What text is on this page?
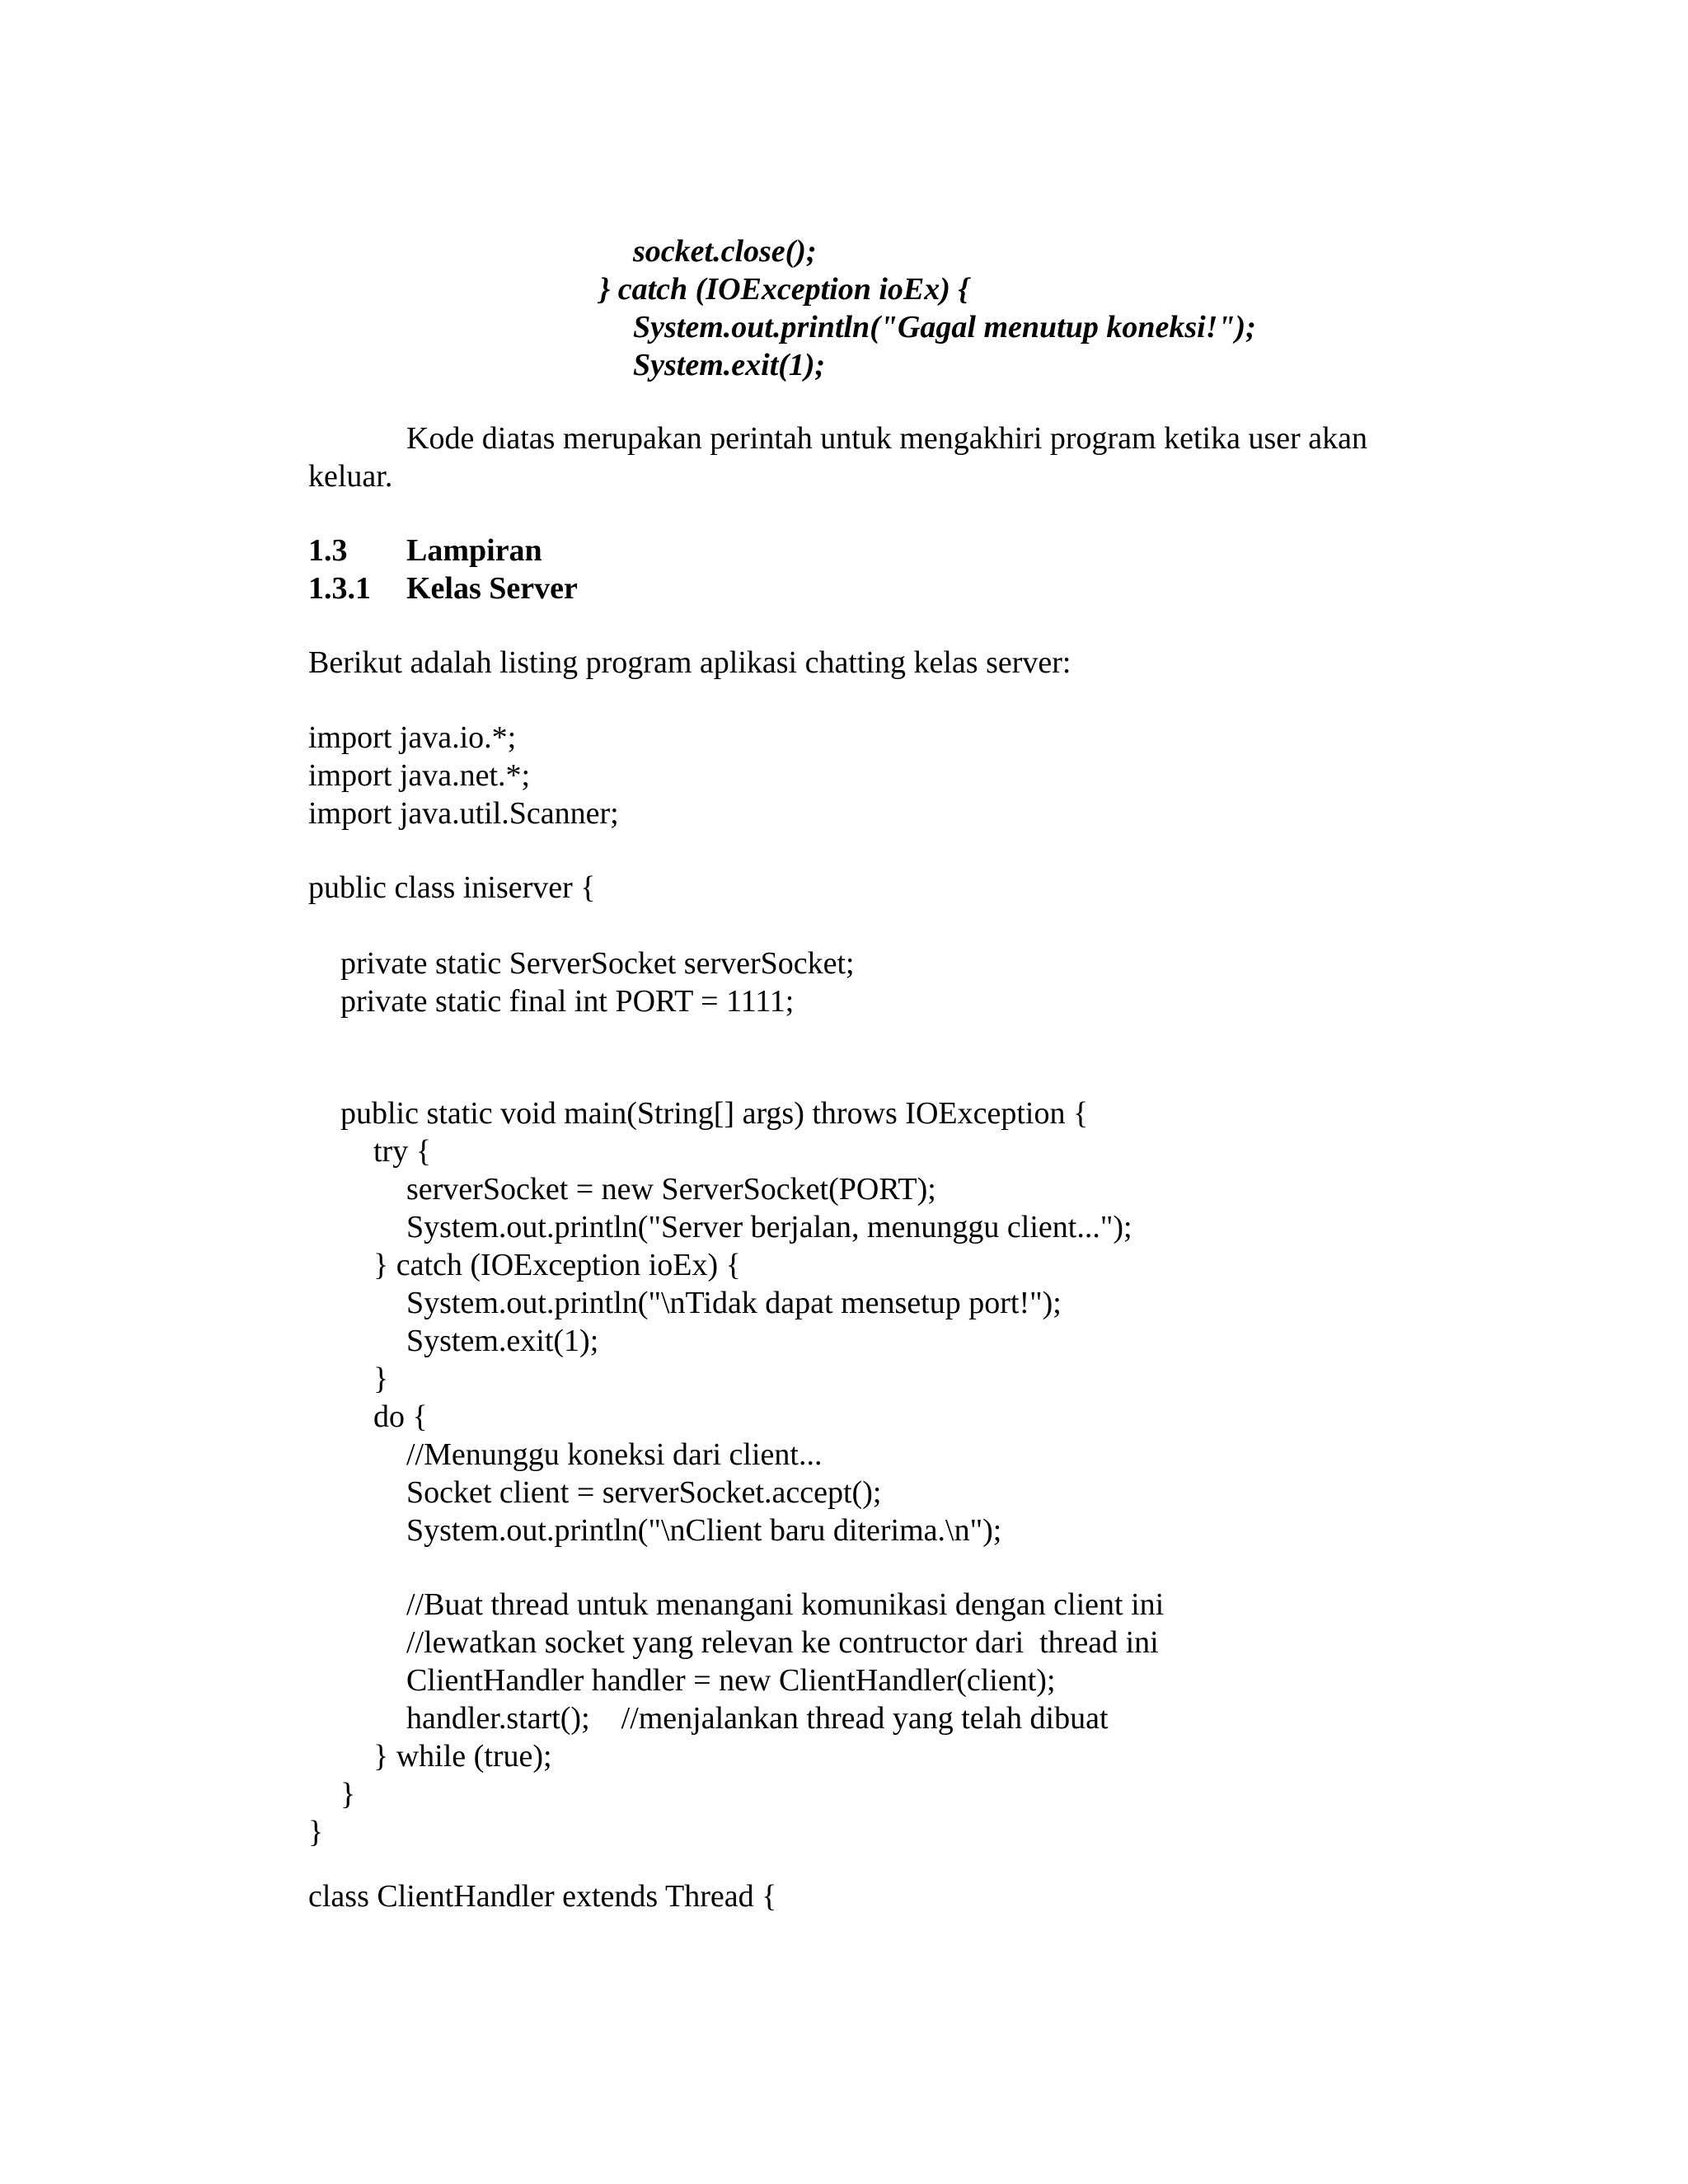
socket.close();
} catch (IOException ioEx) {
System.out.println("Gagal menutup koneksi!");
System.exit(1);
Kode diatas merupakan perintah untuk mengakhiri program ketika user akan
keluar.
1.3 Lampiran
1.3.1 Kelas Server
Berikut adalah listing program aplikasi chatting kelas server:
import java.io.*;
import java.net.*;
import java.util.Scanner;
public class iniserver {
private static ServerSocket serverSocket;
private static final int PORT = 1111;
public static void main(String[] args) throws IOException {
try {
serverSocket = new ServerSocket(PORT);
System.out.println("Server berjalan, menunggu client...");
} catch (IOException ioEx) {
System.out.println("\nTidak dapat mensetup port!");
System.exit(1);
}
do {
//Menunggu koneksi dari client...
Socket client = serverSocket.accept();
System.out.println("\nClient baru diterima.\n");
//Buat thread untuk menangani komunikasi dengan client ini
//lewatkan socket yang relevan ke contructor dari  thread ini
ClientHandler handler = new ClientHandler(client);
handler.start();    //menjalankan thread yang telah dibuat
} while (true);
}
}
class ClientHandler extends Thread {
